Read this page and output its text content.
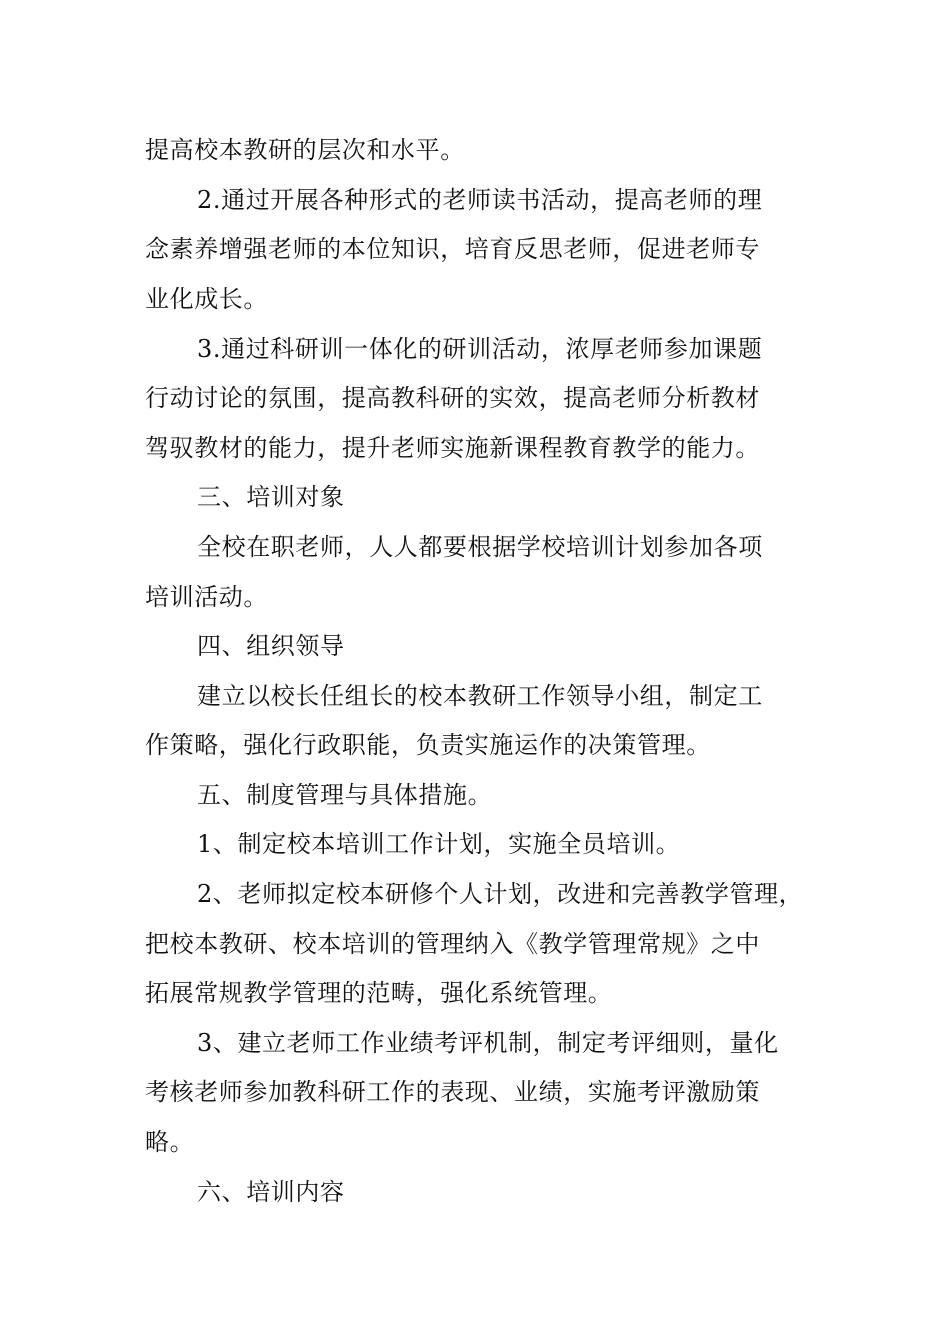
提高校本教研的层次和水平。
2.通过开展各种形式的老师读书活动，提高老师的理
念素养增强老师的本位知识，培育反思老师，促进老师专
业化成长。
3.通过科研训一体化的研训活动，浓厚老师参加课题
行动讨论的氛围，提高教科研的实效，提高老师分析教材
驾驭教材的能力，提升老师实施新课程教育教学的能力。
三、培训对象
全校在职老师，人人都要根据学校培训计划参加各项
培训活动。
四、组织领导
建立以校长任组长的校本教研工作领导小组，制定工
作策略，强化行政职能，负责实施运作的决策管理。
五、制度管理与具体措施。
1、制定校本培训工作计划，实施全员培训。
2、老师拟定校本研修个人计划，改进和完善教学管理，
把校本教研、校本培训的管理纳入《教学管理常规》之中
拓展常规教学管理的范畴，强化系统管理。
3、建立老师工作业绩考评机制，制定考评细则，量化
考核老师参加教科研工作的表现、业绩，实施考评激励策
略。
六、培训内容
